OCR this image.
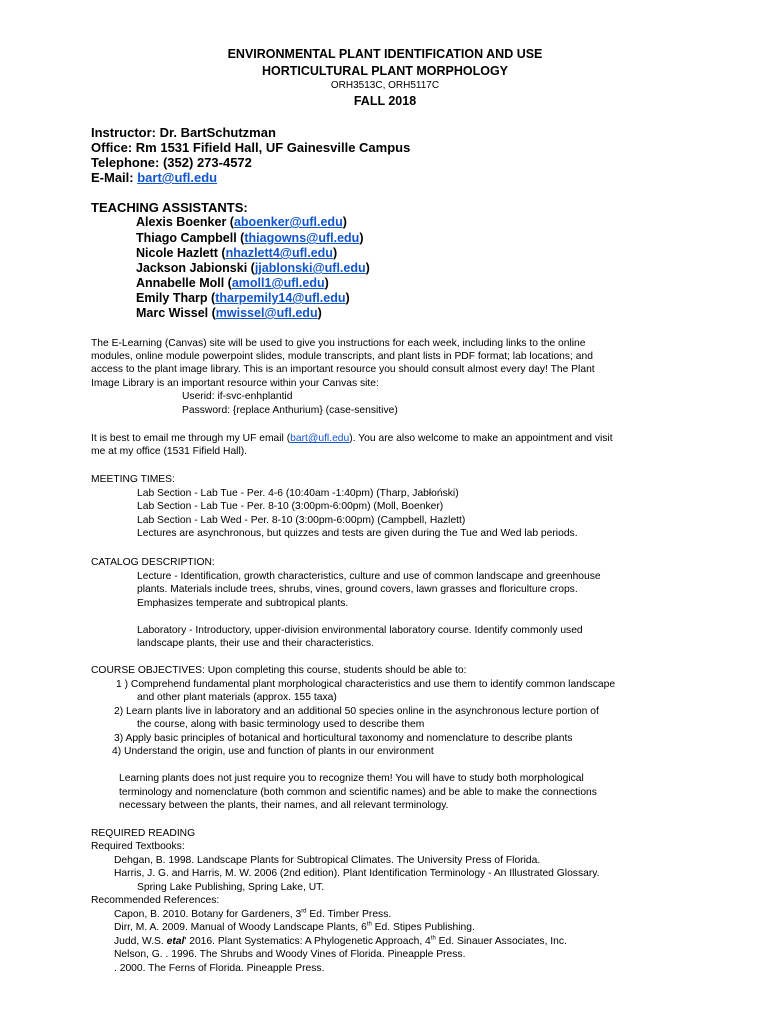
ENVIRONMENTAL PLANT IDENTIFICATION AND USE
HORTICULTURAL PLANT MORPHOLOGY
ORH3513C, ORH5117C
FALL 2018
Instructor: Dr. BartSchutzman
Office: Rm 1531 Fifield Hall, UF Gainesville Campus
Telephone: (352) 273-4572
E-Mail: bart@ufl.edu
TEACHING ASSISTANTS:
Alexis Boenker (aboenker@ufl.edu)
Thiago Campbell (thiagowns@ufl.edu)
Nicole Hazlett (nhazlett4@ufl.edu)
Jackson Jabionski (jjablonski@ufl.edu)
Annabelle Moll (amoll1@ufl.edu)
Emily Tharp (tharpemily14@ufl.edu)
Marc Wissel (mwissel@ufl.edu)
The E-Learning (Canvas) site will be used to give you instructions for each week, including links to the online
modules, online module powerpoint slides, module transcripts, and plant lists in PDF format; lab locations; and
access to the plant image library. This is an important resource you should consult almost every day! The Plant
Image Library is an important resource within your Canvas site:
Userid: if-svc-enhplantid
Password: {replace Anthurium} (case-sensitive)
It is best to email me through my UF email (bart@ufl.edu). You are also welcome to make an appointment and visit
me at my office (1531 Fifield Hall).
MEETING TIMES:
Lab Section - Lab Tue - Per. 4-6 (10:40am -1:40pm) (Tharp, Jabłoński)
Lab Section - Lab Tue - Per. 8-10 (3:00pm-6:00pm) (Moll, Boenker)
Lab Section - Lab Wed - Per. 8-10 (3:00pm-6:00pm) (Campbell, Hazlett)
Lectures are asynchronous, but quizzes and tests are given during the Tue and Wed lab periods.
CATALOG DESCRIPTION:
Lecture - Identification, growth characteristics, culture and use of common landscape and greenhouse
plants. Materials include trees, shrubs, vines, ground covers, lawn grasses and floriculture crops.
Emphasizes temperate and subtropical plants.
Laboratory - Introductory, upper-division environmental laboratory course. Identify commonly used
landscape plants, their use and their characteristics.
COURSE OBJECTIVES: Upon completing this course, students should be able to:
1 ) Comprehend fundamental plant morphological characteristics and use them to identify common landscape
and other plant materials (approx. 155 taxa)
2) Learn plants live in laboratory and an additional 50 species online in the asynchronous lecture portion of
the course, along with basic terminology used to describe them
3) Apply basic principles of botanical and horticultural taxonomy and nomenclature to describe plants
4) Understand the origin, use and function of plants in our environment
Learning plants does not just require you to recognize them! You will have to study both morphological
terminology and nomenclature (both common and scientific names) and be able to make the connections
necessary between the plants, their names, and all relevant terminology.
REQUIRED READING
Required Textbooks:
Dehgan, B. 1998. Landscape Plants for Subtropical Climates. The University Press of Florida.
Harris, J. G. and Harris, M. W. 2006 (2nd edition). Plant Identification Terminology - An Illustrated Glossary.
Spring Lake Publishing, Spring Lake, UT.
Recommended References:
Capon, B. 2010. Botany for Gardeners, 3rd Ed. Timber Press.
Dirr, M. A. 2009. Manual of Woody Landscape Plants, 6th Ed. Stipes Publishing.
Judd, W.S. etal' 2016. Plant Systematics: A Phylogenetic Approach, 4th Ed. Sinauer Associates, Inc.
Nelson, G. . 1996. The Shrubs and Woody Vines of Florida. Pineapple Press.
. 2000. The Ferns of Florida. Pineapple Press.
